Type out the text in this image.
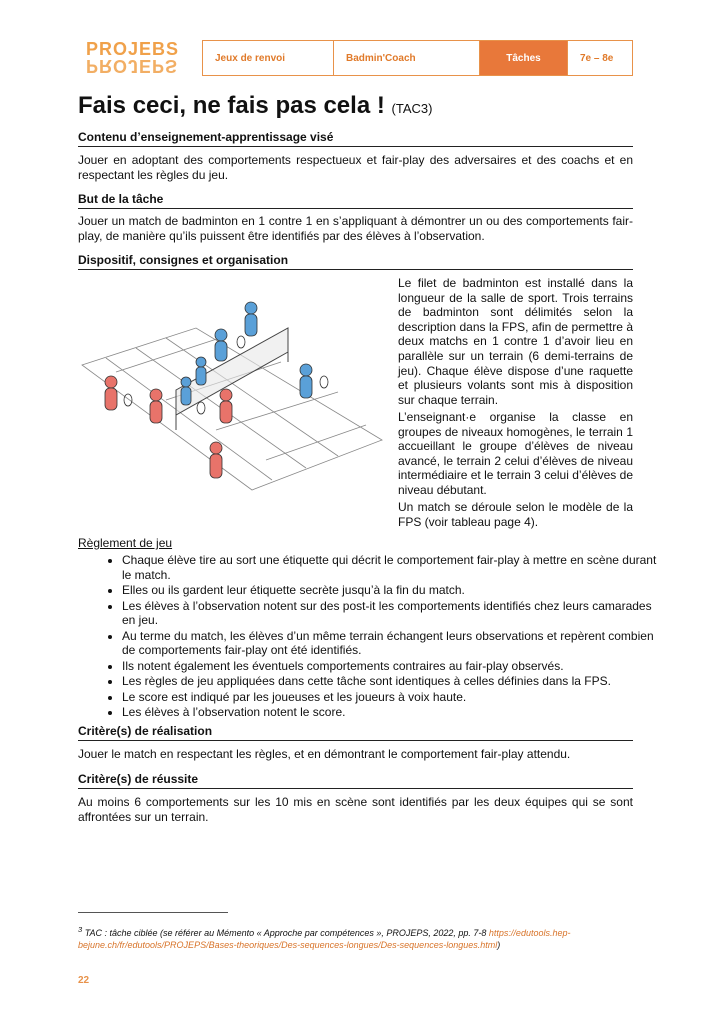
PROJEBS
PROJEPS	Jeux de renvoi	Badmin'Coach	Tâches	7e – 8e
Fais ceci, ne fais pas cela ! (TAC3)
Contenu d’enseignement-apprentissage visé
Jouer en adoptant des comportements respectueux et fair-play des adversaires et des coachs et en respectant les règles du jeu.
But de la tâche
Jouer un match de badminton en 1 contre 1 en s’appliquant à démontrer un ou des comportements fair-play, de manière qu’ils puissent être identifiés par des élèves à l’observation.
Dispositif, consignes et organisation
Le filet de badminton est installé dans la longueur de la salle de sport. Trois terrains de badminton sont délimités selon la description dans la FPS, afin de permettre à deux matchs en 1 contre 1 d’avoir lieu en parallèle sur un terrain (6 demi-terrains de jeu). Chaque élève dispose d’une raquette et plusieurs volants sont mis à disposition sur chaque terrain.
L’enseignant·e organise la classe en groupes de niveaux homogènes, le terrain 1 accueillant le groupe d’élèves de niveau avancé, le terrain 2 celui d’élèves de niveau intermédiaire et le terrain 3 celui d’élèves de niveau débutant.
Un match se déroule selon le modèle de la FPS (voir tableau page 4).
Règlement de jeu
• Chaque élève tire au sort une étiquette qui décrit le comportement fair-play à mettre en scène durant le match.
• Elles ou ils gardent leur étiquette secrète jusqu’à la fin du match.
• Les élèves à l’observation notent sur des post-it les comportements identifiés chez leurs camarades en jeu.
• Au terme du match, les élèves d’un même terrain échangent leurs observations et repèrent combien de comportements fair-play ont été identifiés.
• Ils notent également les éventuels comportements contraires au fair-play observés.
• Les règles de jeu appliquées dans cette tâche sont identiques à celles définies dans la FPS.
• Le score est indiqué par les joueuses et les joueurs à voix haute.
• Les élèves à l’observation notent le score.
Critère(s) de réalisation
Jouer le match en respectant les règles, et en démontrant le comportement fair-play attendu.
Critère(s) de réussite
Au moins 6 comportements sur les 10 mis en scène sont identifiés par les deux équipes qui se sont affrontées sur un terrain.
$^3$ TAC : tâche ciblée (se référer au Mémento « Approche par compétences », PROJEPS, 2022, pp. 7-8 https://edutools.hep-bejune.ch/fr/edutools/PROJEPS/Bases-theoriques/Des-sequences-longues/Des-sequences-longues.html)
22
